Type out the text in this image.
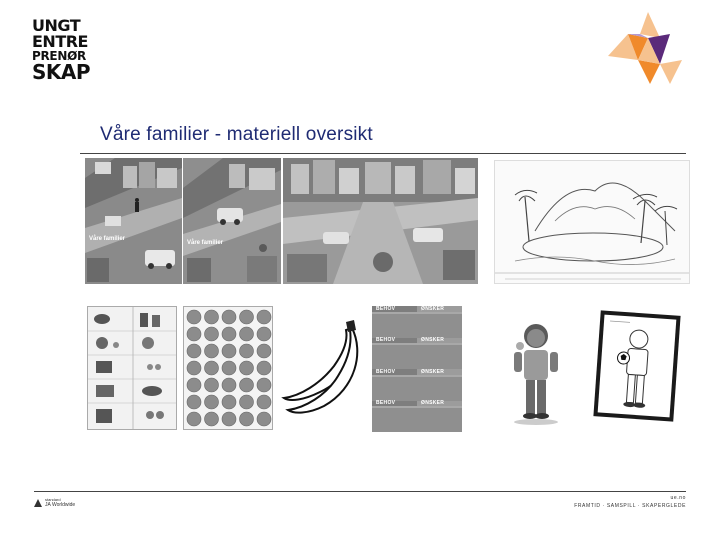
UNGT
ENTRE
PRENØR
SKAP
Våre familier - materiell oversikt
Våre familier
Våre familier
BEHOV	ØNSKER
BEHOV	ØNSKER
BEHOV	ØNSKER
BEHOV	ØNSKER
standard
JA Worldwide
ue.no
FRAMTID · SAMSPILL · SKAPERGLEDE
